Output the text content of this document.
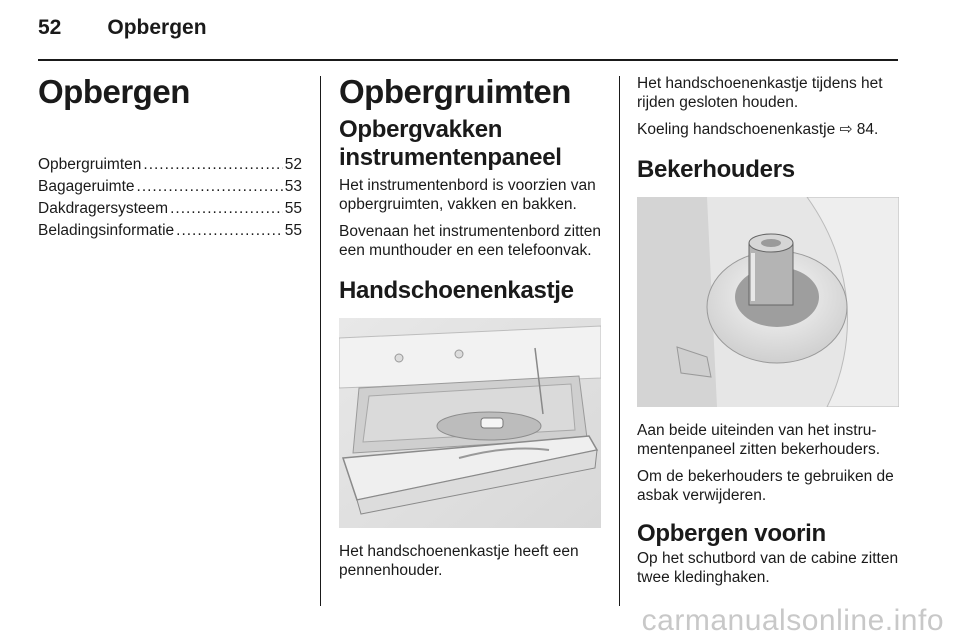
52 Opbergen
Opbergen
Opbergruimten .....	52
Bagageruimte .....	53
Dakdragersysteem .....	55
Beladingsinformatie .....	55
Opbergruimten
Opbergvakken instrumentenpaneel

Het instrumentenbord is voorzien van opbergruimten, vakken en bakken.

Bovenaan het instrumentenbord zitten een munthouder en een telefoonvak.

Handschoenenkastje

Het handschoenenkastje heeft een pennenhouder.

Het handschoenenkastje tijdens het rijden gesloten houden.

Koeling handschoenenkastje ⇨ 84.

Bekerhouders

Aan beide uiteinden van het instrumentenpaneel zitten bekerhouders.

Om de bekerhouders te gebruiken de asbak verwijderen.

Opbergen voorin

Op het schutbord van de cabine zitten twee kledinghaken.

carmanualsonline.info
